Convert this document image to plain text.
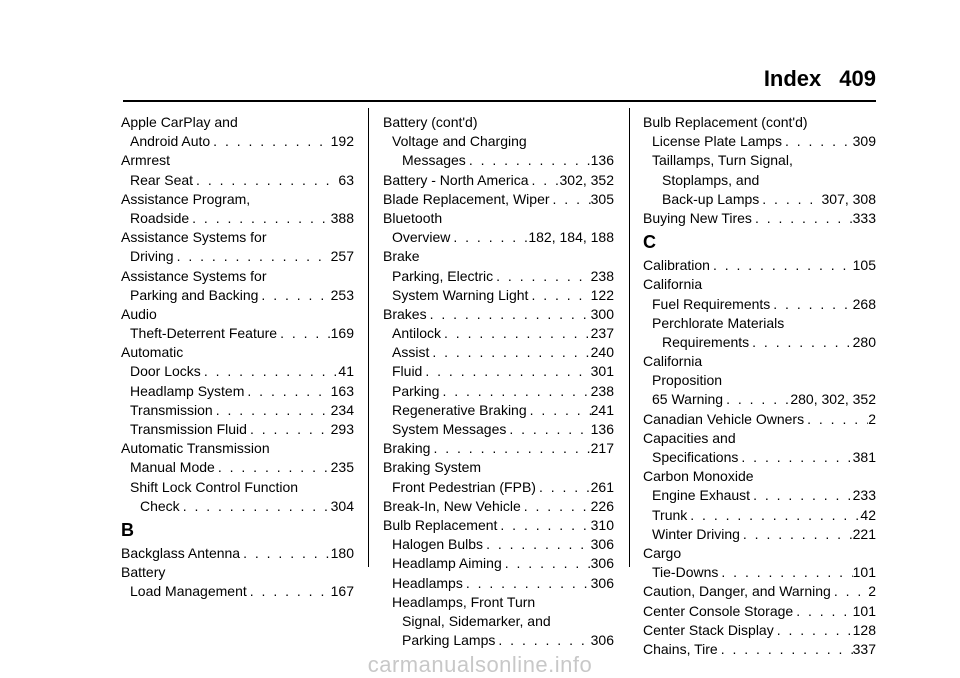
Index 409
Apple CarPlay and
Android Auto . . .	192
Armrest
Rear Seat . . .	63
Assistance Program,
Roadside . . .	388
Assistance Systems for
Driving . . .	257
Assistance Systems for
Parking and Backing . . .	253
Audio
Theft-Deterrent Feature . . .	169
Automatic
Door Locks . . .	41
Headlamp System . . .	163
Transmission . . .	234
Transmission Fluid . . .	293
Automatic Transmission
Manual Mode . . .	235
Shift Lock Control Function
Check . . .	304
B
Backglass Antenna . . .	180
Battery
Load Management . . .	167
Battery (cont'd)
Voltage and Charging
Messages . . .	136
Battery - North America . . . 302, 352
Blade Replacement, Wiper . . .	305
Bluetooth
Overview . . .	182, 184, 188
Brake
Parking, Electric . . .	238
System Warning Light . . .	122
Brakes . . .	300
Antilock . . .	237
Assist . . .	240
Fluid . . .	301
Parking . . .	238
Regenerative Braking . . .	241
System Messages . . .	136
Braking . . .	217
Braking System
Front Pedestrian (FPB) . . .	261
Break-In, New Vehicle . . .	226
Bulb Replacement . . .	310
Halogen Bulbs . . .	306
Headlamp Aiming . . .	306
Headlamps . . .	306
Headlamps, Front Turn
Signal, Sidemarker, and
Parking Lamps . . .	306
Bulb Replacement (cont'd)
License Plate Lamps . . .	309
Taillamps, Turn Signal,
Stoplamps, and
Back-up Lamps . . .	307, 308
Buying New Tires . . .	333
C
Calibration . . .	105
California
Fuel Requirements . . .	268
Perchlorate Materials
Requirements . . .	280
California
Proposition
65 Warning . . .	280, 302, 352
Canadian Vehicle Owners . . .	2
Capacities and
Specifications . . .	381
Carbon Monoxide
Engine Exhaust . . .	233
Trunk . . .	42
Winter Driving . . .	221
Cargo
Tie-Downs . . .	101
Caution, Danger, and Warning . . .	2
Center Console Storage . . .	101
Center Stack Display . . .	128
Chains, Tire . . .	337
carmanualsonline.info
